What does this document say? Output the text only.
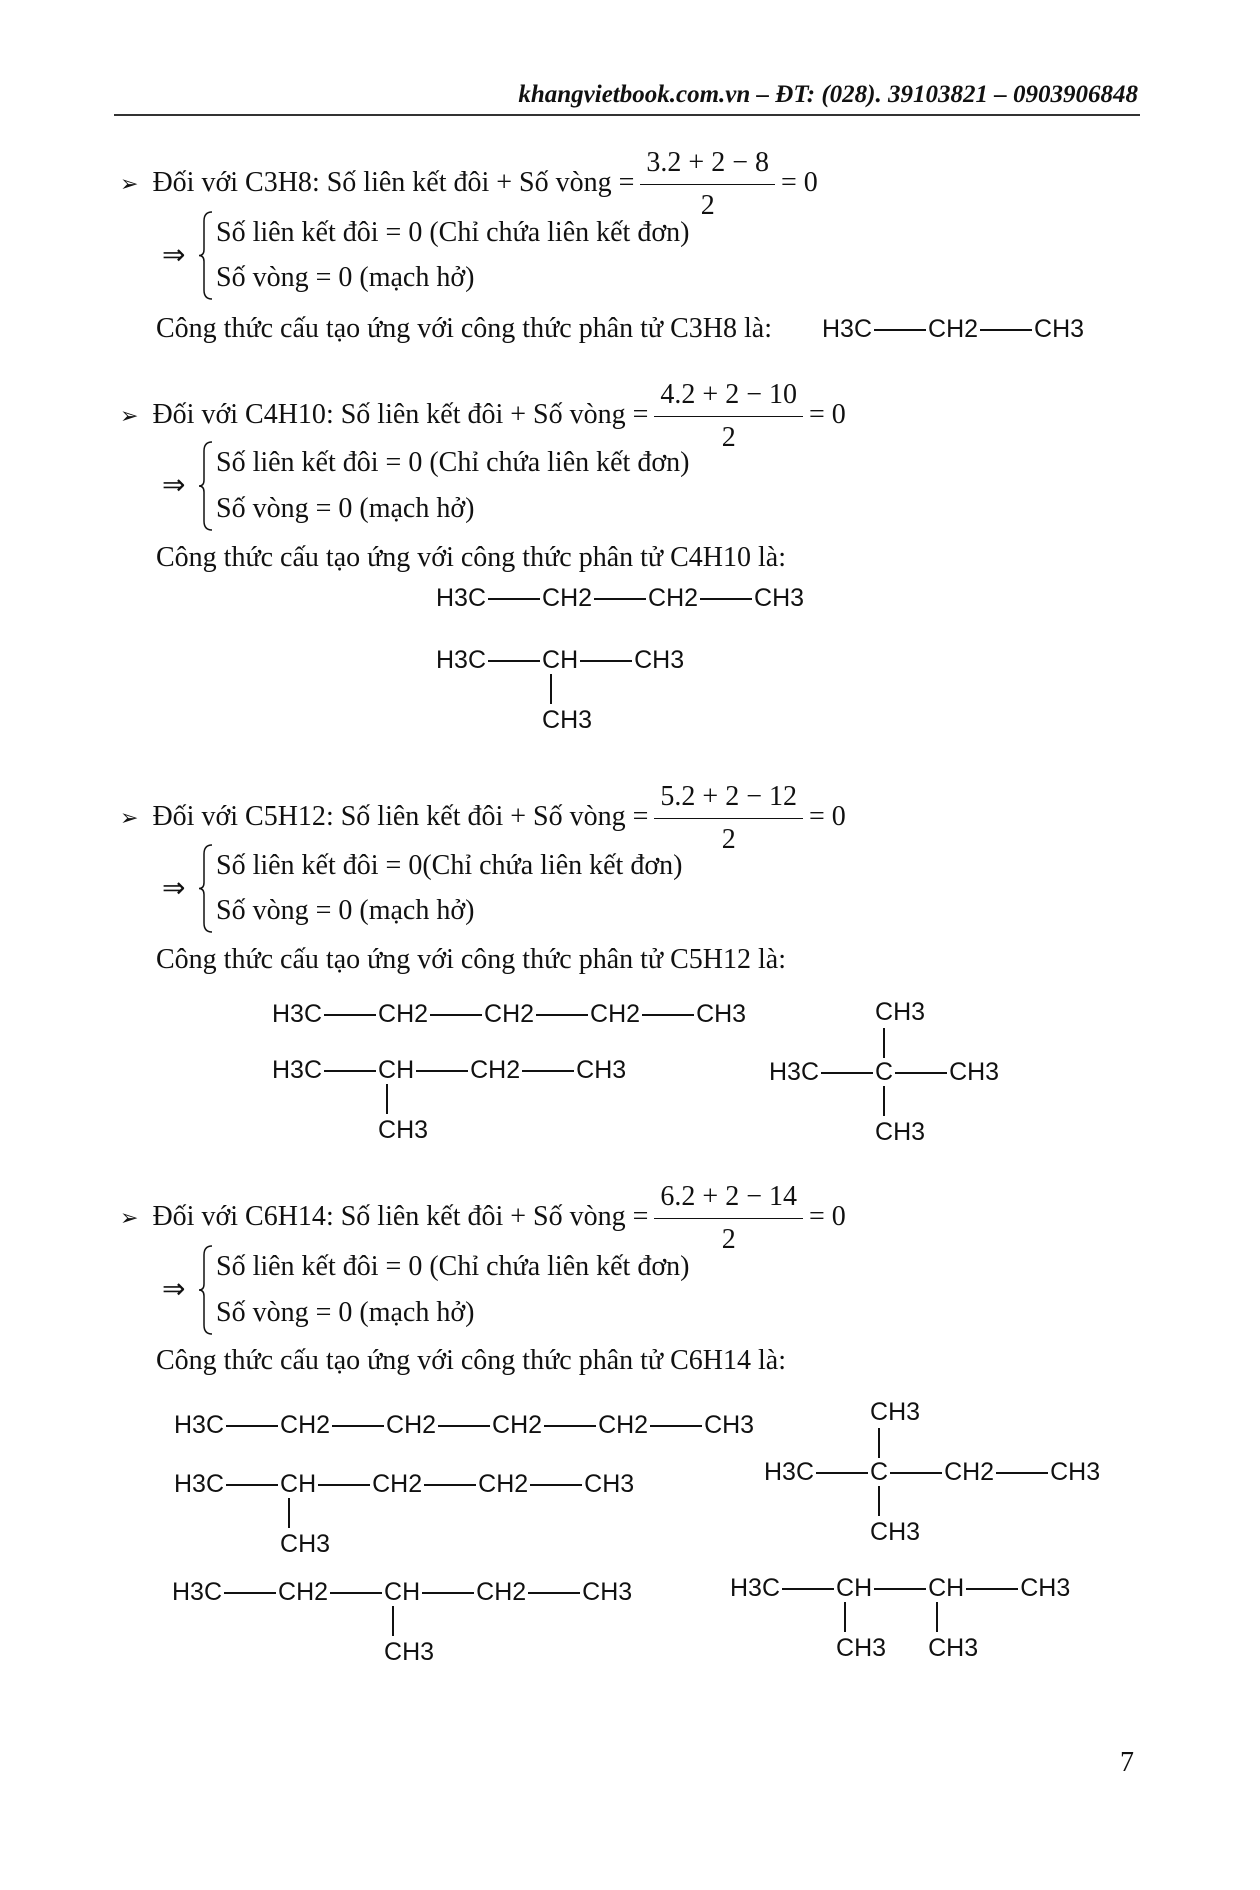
khangvietbook.com.vn – ĐT: (028). 39103821 – 0903906848
➢ Đối với C3H8: Số liên kết đôi + Số vòng = $\frac{3.2 + 2 - 8}{2} = 0$
⇒
Số liên kết đôi = 0 (Chỉ chứa liên kết đơn)
Số vòng = 0 (mạch hở)
Công thức cấu tạo ứng với công thức phân tử C3H8 là: H3C CH2 CH3
➢ Đối với C4H10: Số liên kết đôi + Số vòng = $\frac{4.2 + 2 - 10}{2} = 0$
⇒
Số liên kết đôi = 0 (Chỉ chứa liên kết đơn)
Số vòng = 0 (mạch hở)
Công thức cấu tạo ứng với công thức phân tử C4H10 là:
H3C CH2 CH2 CH3
H3C CH
CH3
CH3
➢ Đối với C5H12: Số liên kết đôi + Số vòng = $\frac{5.2 + 2 - 12}{2} = 0$
⇒
Số liên kết đôi = 0(Chỉ chứa liên kết đơn)
Số vòng = 0 (mạch hở)
Công thức cấu tạo ứng với công thức phân tử C5H12 là:
H3C CH2 CH2 CH2 CH3
H3C CH
CH3
CH2 CH3	H3C C
CH3
CH3
CH3
➢ Đối với C6H14: Số liên kết đôi + Số vòng = $\frac{6.2 + 2 - 14}{2} = 0$
⇒
Số liên kết đôi = 0 (Chỉ chứa liên kết đơn)
Số vòng = 0 (mạch hở)
Công thức cấu tạo ứng với công thức phân tử C6H14 là:
H3C CH2 CH2 CH2 CH2 CH3
H3C CH
CH3
CH2 CH2 CH3
H3C CH2 CH
CH3
CH2 CH3
H3C C
CH3
CH3
CH2 CH3
H3C CH
CH3
CH
CH3
CH3
7
